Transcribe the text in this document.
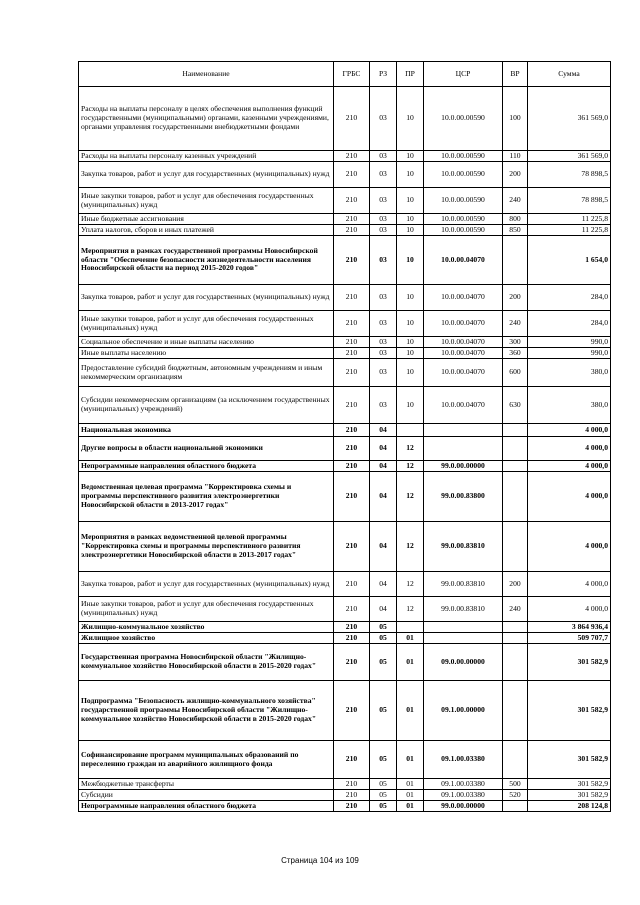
Наименование	ГРБС	РЗ	ПР	ЦСР	ВР	Сумма
Расходы на выплаты персоналу в целях обеспечения выполнения функций государственными (муниципальными) органами, казенными учреждениями, органами управления государственными внебюджетными фондами	210	03	10	10.0.00.00590	100	361 569,0
Расходы на выплаты персоналу казенных учреждений	210	03	10	10.0.00.00590	110	361 569,0
Закупка товаров, работ и услуг для государственных (муниципальных) нужд	210	03	10	10.0.00.00590	200	78 898,5
Иные закупки товаров, работ и услуг для обеспечения государственных (муниципальных) нужд	210	03	10	10.0.00.00590	240	78 898,5
Иные бюджетные ассигнования	210	03	10	10.0.00.00590	800	11 225,8
Уплата налогов, сборов и иных платежей	210	03	10	10.0.00.00590	850	11 225,8
Мероприятия в рамках государственной программы Новосибирской области "Обеспечение безопасности жизнедеятельности населения Новосибирской области на период 2015-2020 годов"	210	03	10	10.0.00.04070		1 654,0
Закупка товаров, работ и услуг для государственных (муниципальных) нужд	210	03	10	10.0.00.04070	200	284,0
Иные закупки товаров, работ и услуг для обеспечения государственных (муниципальных) нужд	210	03	10	10.0.00.04070	240	284,0
Социальное обеспечение и иные выплаты населению	210	03	10	10.0.00.04070	300	990,0
Иные выплаты населению	210	03	10	10.0.00.04070	360	990,0
Предоставление субсидий бюджетным, автономным учреждениям и иным некоммерческим организациям	210	03	10	10.0.00.04070	600	380,0
Субсидии некоммерческим организациям (за исключением государственных (муниципальных) учреждений)	210	03	10	10.0.00.04070	630	380,0
Национальная экономика	210	04				4 000,0
Другие вопросы в области национальной экономики	210	04	12			4 000,0
Непрограммные направления областного бюджета	210	04	12	99.0.00.00000		4 000,0
Ведомственная целевая программа "Корректировка схемы и программы перспективного развития электроэнергетики Новосибирской области в 2013-2017 годах"	210	04	12	99.0.00.83800		4 000,0
Мероприятия в рамках ведомственной целевой программы "Корректировка схемы и программы перспективного развития электроэнергетики Новосибирской области в 2013-2017 годах"	210	04	12	99.0.00.83810		4 000,0
Закупка товаров, работ и услуг для государственных (муниципальных) нужд	210	04	12	99.0.00.83810	200	4 000,0
Иные закупки товаров, работ и услуг для обеспечения государственных (муниципальных) нужд	210	04	12	99.0.00.83810	240	4 000,0
Жилищно-коммунальное хозяйство	210	05				3 864 936,4
Жилищное хозяйство	210	05	01			509 707,7
Государственная программа Новосибирской области "Жилищно-коммунальное хозяйство Новосибирской области в 2015-2020 годах"	210	05	01	09.0.00.00000		301 582,9
Подпрограмма "Безопасность жилищно-коммунального хозяйства" государственной программы Новосибирской области "Жилищно-коммунальное хозяйство Новосибирской области в 2015-2020 годах"	210	05	01	09.1.00.00000		301 582,9
Софинансирование программ муниципальных образований по переселению граждан из аварийного жилищного фонда	210	05	01	09.1.00.03380		301 582,9
Межбюджетные трансферты	210	05	01	09.1.00.03380	500	301 582,9
Субсидии	210	05	01	09.1.00.03380	520	301 582,9
Непрограммные направления областного бюджета	210	05	01	99.0.00.00000		208 124,8
Страница 104 из 109
